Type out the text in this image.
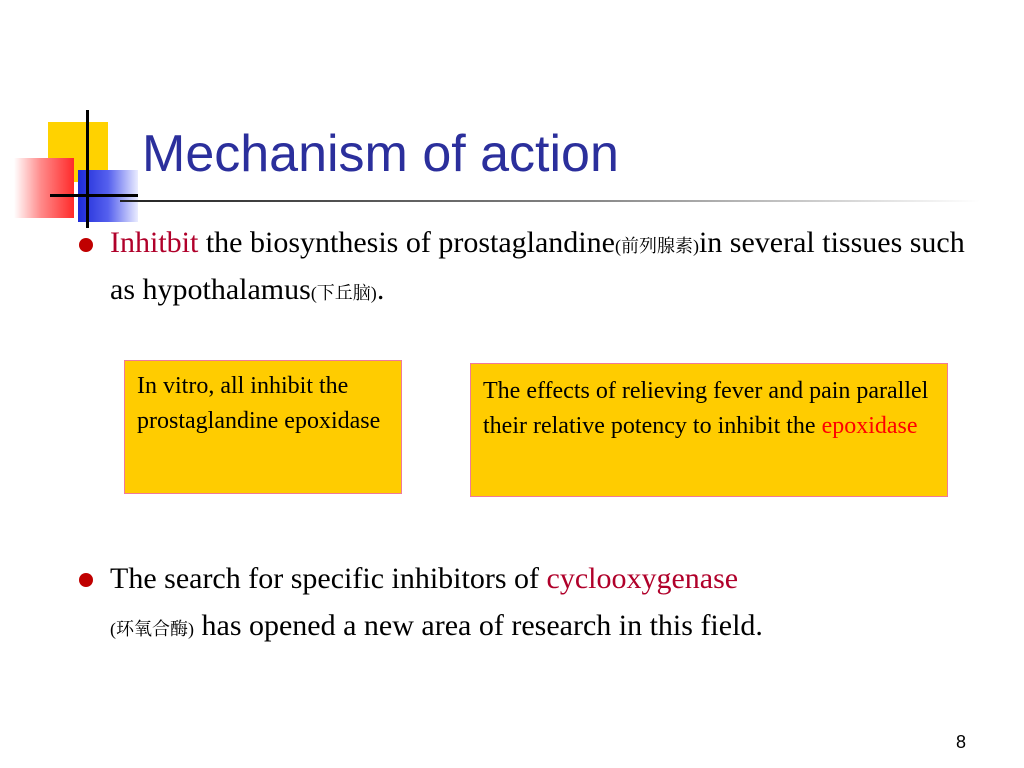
Mechanism of action

Inhitbit the biosynthesis of prostaglandine(前列腺素)in several tissues such as hypothalamus(下丘脑).

In vitro, all inhibit the prostaglandine epoxidase
The effects of relieving fever and pain parallel their relative potency to inhibit the epoxidase

The search for specific inhibitors of cyclooxygenase
(环氧合酶) has opened a new area of research in this field.

8
